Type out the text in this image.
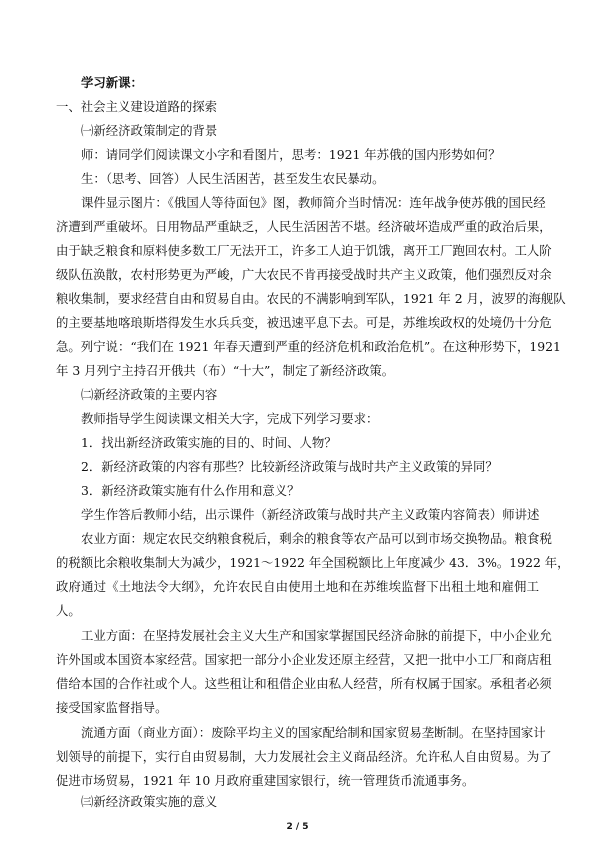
学习新课：
一、社会主义建设道路的探索
㈠新经济政策制定的背景
师：请同学们阅读课文小字和看图片，思考：1921 年苏俄的国内形势如何？
生：（思考、回答）人民生活困苦，甚至发生农民暴动。
课件显示图片：《俄国人等待面包》图，教师简介当时情况：连年战争使苏俄的国民经
济遭到严重破坏。日用物品严重缺乏，人民生活困苦不堪。经济破坏造成严重的政治后果，
由于缺乏粮食和原料使多数工厂无法开工，许多工人迫于饥饿，离开工厂跑回农村。工人阶
级队伍涣散，农村形势更为严峻，广大农民不肯再接受战时共产主义政策，他们强烈反对余
粮收集制，要求经营自由和贸易自由。农民的不满影响到军队，1921 年 2 月，波罗的海舰队
的主要基地喀琅斯塔得发生水兵兵变，被迅速平息下去。可是，苏维埃政权的处境仍十分危
急。列宁说：“我们在 1921 年春天遭到严重的经济危机和政治危机”。在这种形势下，1921
年 3 月列宁主持召开俄共（布）“十大”，制定了新经济政策。
㈡新经济政策的主要内容
教师指导学生阅读课文相关大字，完成下列学习要求：
1．找出新经济政策实施的目的、时间、人物？
2．新经济政策的内容有那些？比较新经济政策与战时共产主义政策的异同？
3．新经济政策实施有什么作用和意义？
学生作答后教师小结，出示课件（新经济政策与战时共产主义政策内容简表）师讲述
农业方面：规定农民交纳粮食税后，剩余的粮食等农产品可以到市场交换物品。粮食税
的税额比余粮收集制大为减少，1921～1922 年全国税额比上年度减少 43．3%。1922 年，
政府通过《土地法令大纲》，允许农民自由使用土地和在苏维埃监督下出租土地和雇佣工
人。
工业方面：在坚持发展社会主义大生产和国家掌握国民经济命脉的前提下，中小企业允
许外国或本国资本家经营。国家把一部分小企业发还原主经营，又把一批中小工厂和商店租
借给本国的合作社或个人。这些租让和租借企业由私人经营，所有权属于国家。承租者必须
接受国家监督指导。
流通方面（商业方面）：废除平均主义的国家配给制和国家贸易垄断制。在坚持国家计
划领导的前提下，实行自由贸易制，大力发展社会主义商品经济。允许私人自由贸易。为了
促进市场贸易，1921 年 10 月政府重建国家银行，统一管理货币流通事务。
㈢新经济政策实施的意义
2 / 5
